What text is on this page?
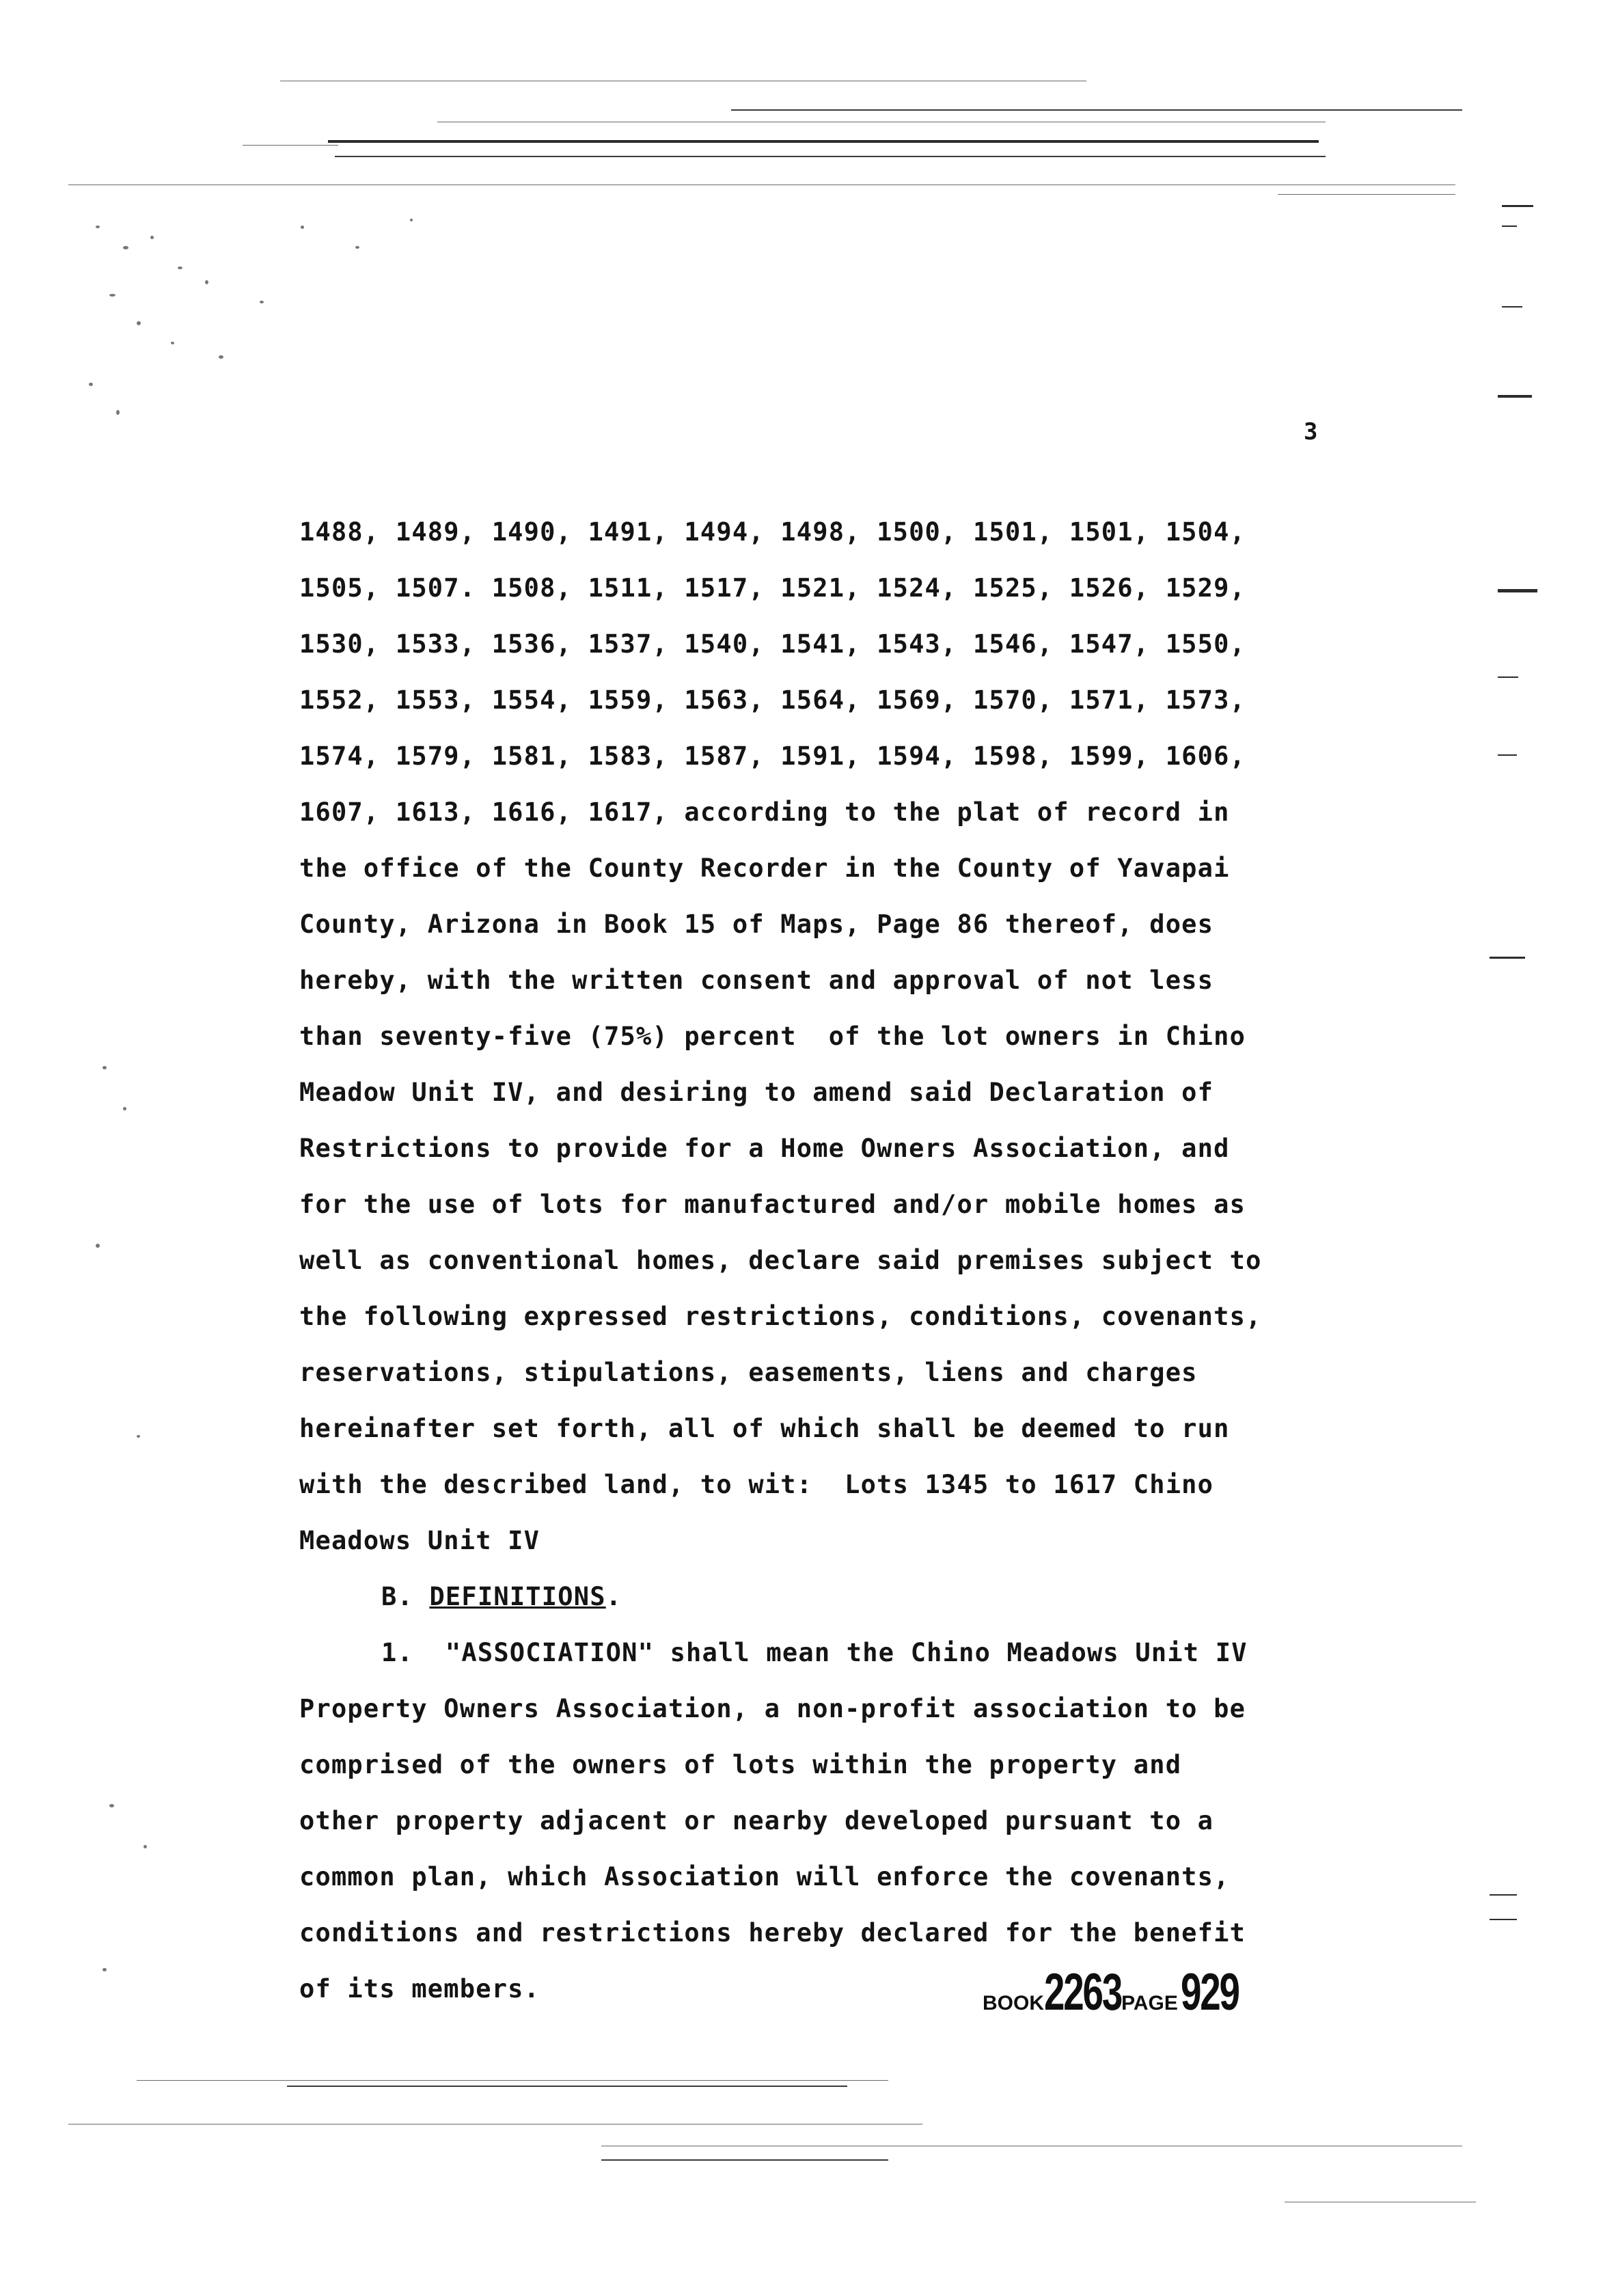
3
1488, 1489, 1490, 1491, 1494, 1498, 1500, 1501, 1501, 1504,
1505, 1507. 1508, 1511, 1517, 1521, 1524, 1525, 1526, 1529,
1530, 1533, 1536, 1537, 1540, 1541, 1543, 1546, 1547, 1550,
1552, 1553, 1554, 1559, 1563, 1564, 1569, 1570, 1571, 1573,
1574, 1579, 1581, 1583, 1587, 1591, 1594, 1598, 1599, 1606,
1607, 1613, 1616, 1617, according to the plat of record in
the office of the County Recorder in the County of Yavapai
County, Arizona in Book 15 of Maps, Page 86 thereof, does
hereby, with the written consent and approval of not less
than seventy-five (75%) percent  of the lot owners in Chino
Meadow Unit IV, and desiring to amend said Declaration of
Restrictions to provide for a Home Owners Association, and
for the use of lots for manufactured and/or mobile homes as
well as conventional homes, declare said premises subject to
the following expressed restrictions, conditions, covenants,
reservations, stipulations, easements, liens and charges
hereinafter set forth, all of which shall be deemed to run
with the described land, to wit:  Lots 1345 to 1617 Chino
Meadows Unit IV
B. DEFINITIONS.
1.  "ASSOCIATION" shall mean the Chino Meadows Unit IV
Property Owners Association, a non-profit association to be
comprised of the owners of lots within the property and
other property adjacent or nearby developed pursuant to a
common plan, which Association will enforce the covenants,
conditions and restrictions hereby declared for the benefit
of its members.	BOOK2263PAGE929
